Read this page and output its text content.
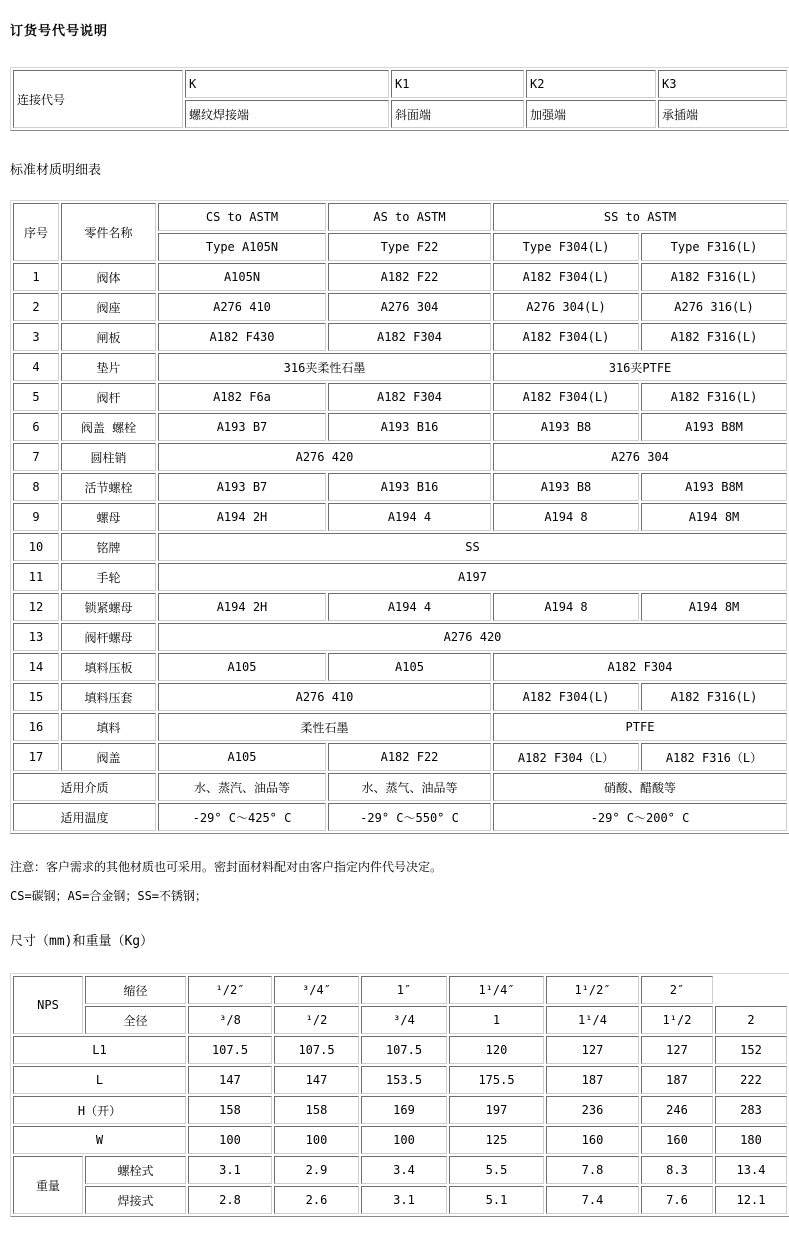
订货号代号说明

连接代号	K	K1	K2	K3
	螺纹焊接端	斜面端	加强端	承插端

标准材质明细表

序号	零件名称	CS to ASTM	AS to ASTM	SS to ASTM	
		Type A105N	Type F22	Type F304(L)	Type F316(L)
1	阀体	A105N	A182 F22	A182 F304(L)	A182 F316(L)
2	阀座	A276 410	A276 304	A276 304(L)	A276 316(L)
3	闸板	A182 F430	A182 F304	A182 F304(L)	A182 F316(L)
4	垫片	316夹柔性石墨		316夹PTFE	
5	阀杆	A182 F6a	A182 F304	A182 F304(L)	A182 F316(L)
6	阀盖 螺栓	A193 B7	A193 B16	A193 B8	A193 B8M
7	圆柱销	A276 420		A276 304	
8	活节螺栓	A193 B7	A193 B16	A193 B8	A193 B8M
9	螺母	A194 2H	A194 4	A194 8	A194 8M
10	铭牌	SS			
11	手轮	A197			
12	锁紧螺母	A194 2H	A194 4	A194 8	A194 8M
13	阀杆螺母	A276 420			
14	填料压板	A105	A105	A182 F304	
15	填料压套	A276 410		A182 F304(L)	A182 F316(L)
16	填料	柔性石墨		PTFE	
17	阀盖	A105	A182 F22	A182 F304（L）	A182 F316（L）
适用介质		水、蒸汽、油品等	水、蒸气、油品等	硝酸、醋酸等	
适用温度		-29° C～425° C	-29° C～550° C	-29° C～200° C	

注意：客户需求的其他材质也可采用。密封面材料配对由客户指定内件代号决定。

CS=碳钢；AS=合金钢；SS=不锈钢；

尺寸（mm)和重量（Kg）

NPS	缩径	¹/2″	³/4″	1″	1¹/4″	1¹/2″	2″	
	全径	³/8	¹/2	³/4	1	1¹/4	1¹/2	2
L1		107.5	107.5	107.5	120	127	127	152
L		147	147	153.5	175.5	187	187	222
H（开）		158	158	169	197	236	246	283
W		100	100	100	125	160	160	180
重量	螺栓式	3.1	2.9	3.4	5.5	7.8	8.3	13.4
	焊接式	2.8	2.6	3.1	5.1	7.4	7.6	12.1
